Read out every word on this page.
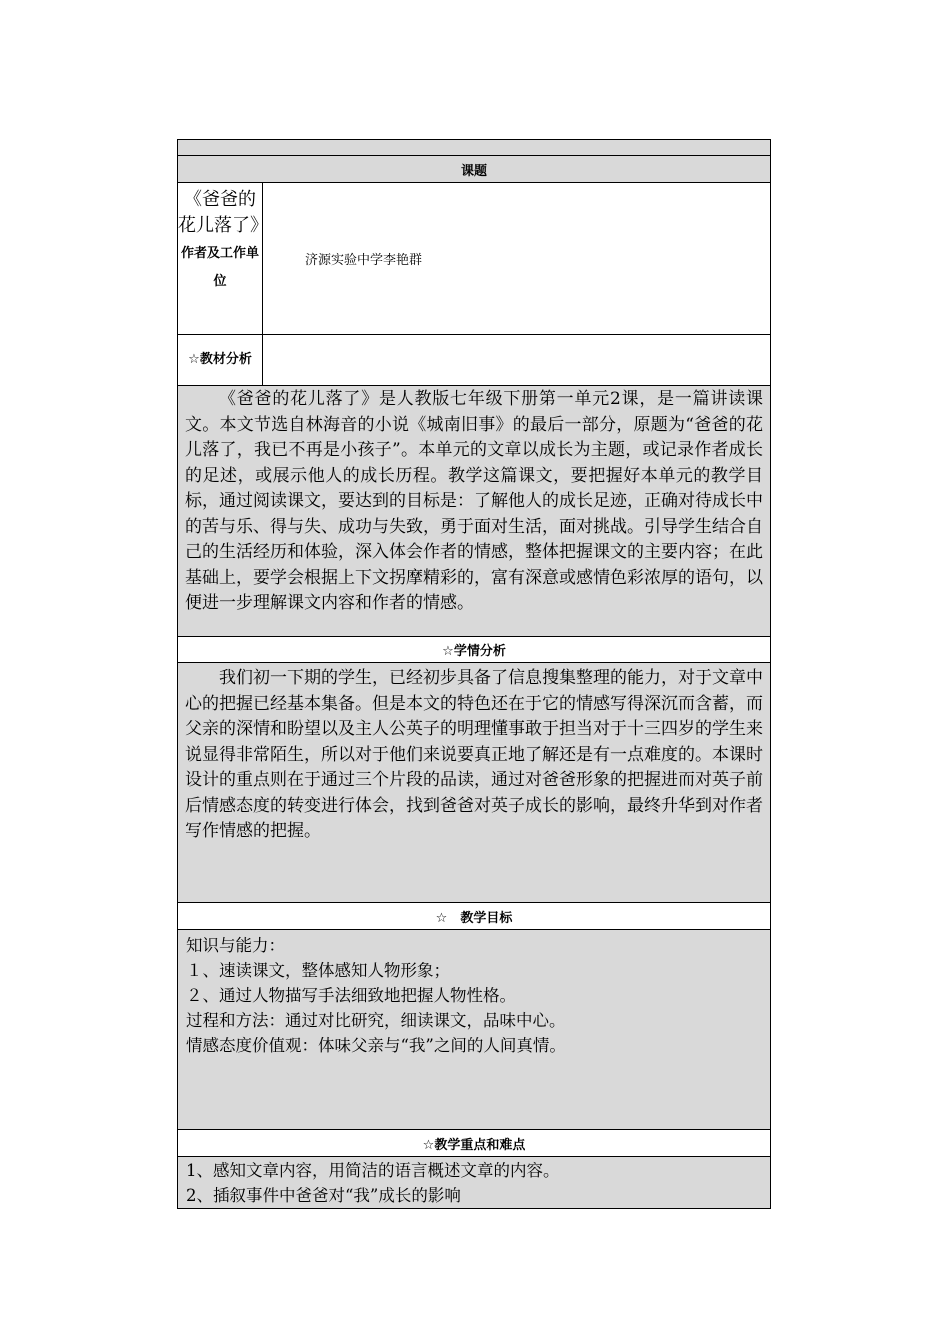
课题	
《爸爸的花儿落了》作者及工作单位	济源实验中学李艳群
☆教材分析	

《爸爸的花儿落了》是人教版七年级下册第一单元2课，是一篇讲读课文。本文节选自林海音的小说《城南旧事》的最后一部分，原题为“爸爸的花儿落了，我已不再是小孩子”。本单元的文章以成长为主题，或记录作者成长的足述，或展示他人的成长历程。教学这篇课文，要把握好本单元的教学目标，通过阅读课文，要达到的目标是：了解他人的成长足迹，正确对待成长中的苦与乐、得与失、成功与失致，勇于面对生活，面对挑战。引导学生结合自己的生活经历和体验，深入体会作者的情感，整体把握课文的主要内容；在此基础上，要学会根据上下文拐摩精彩的，富有深意或感情色彩浓厚的语句，以便进一步理解课文内容和作者的情感。	

☆学情分析	

我们初一下期的学生，已经初步具备了信息搜集整理的能力，对于文章中心的把握已经基本集备。但是本文的特色还在于它的情感写得深沉而含蓄，而父亲的深情和盼望以及主人公英子的明理懂事敢于担当对于十三四岁的学生来说显得非常陌生，所以对于他们来说要真正地了解还是有一点难度的。本课时设计的重点则在于通过三个片段的品读，通过对爸爸形象的把握进而对英子前后情感态度的转变进行体会，找到爸爸对英子成长的影响，最终升华到对作者写作情感的把握。	

☆　教学目标	

知识与能力：
１、速读课文，整体感知人物形象；
２、通过人物描写手法细致地把握人物性格。
过程和方法：通过对比研究，细读课文，品味中心。
情感态度价值观：体味父亲与“我”之间的人间真情。	

☆教学重点和难点	

1、感知文章内容，用简洁的语言概述文章的内容。
2、插叙事件中爸爸对“我”成长的影响	
